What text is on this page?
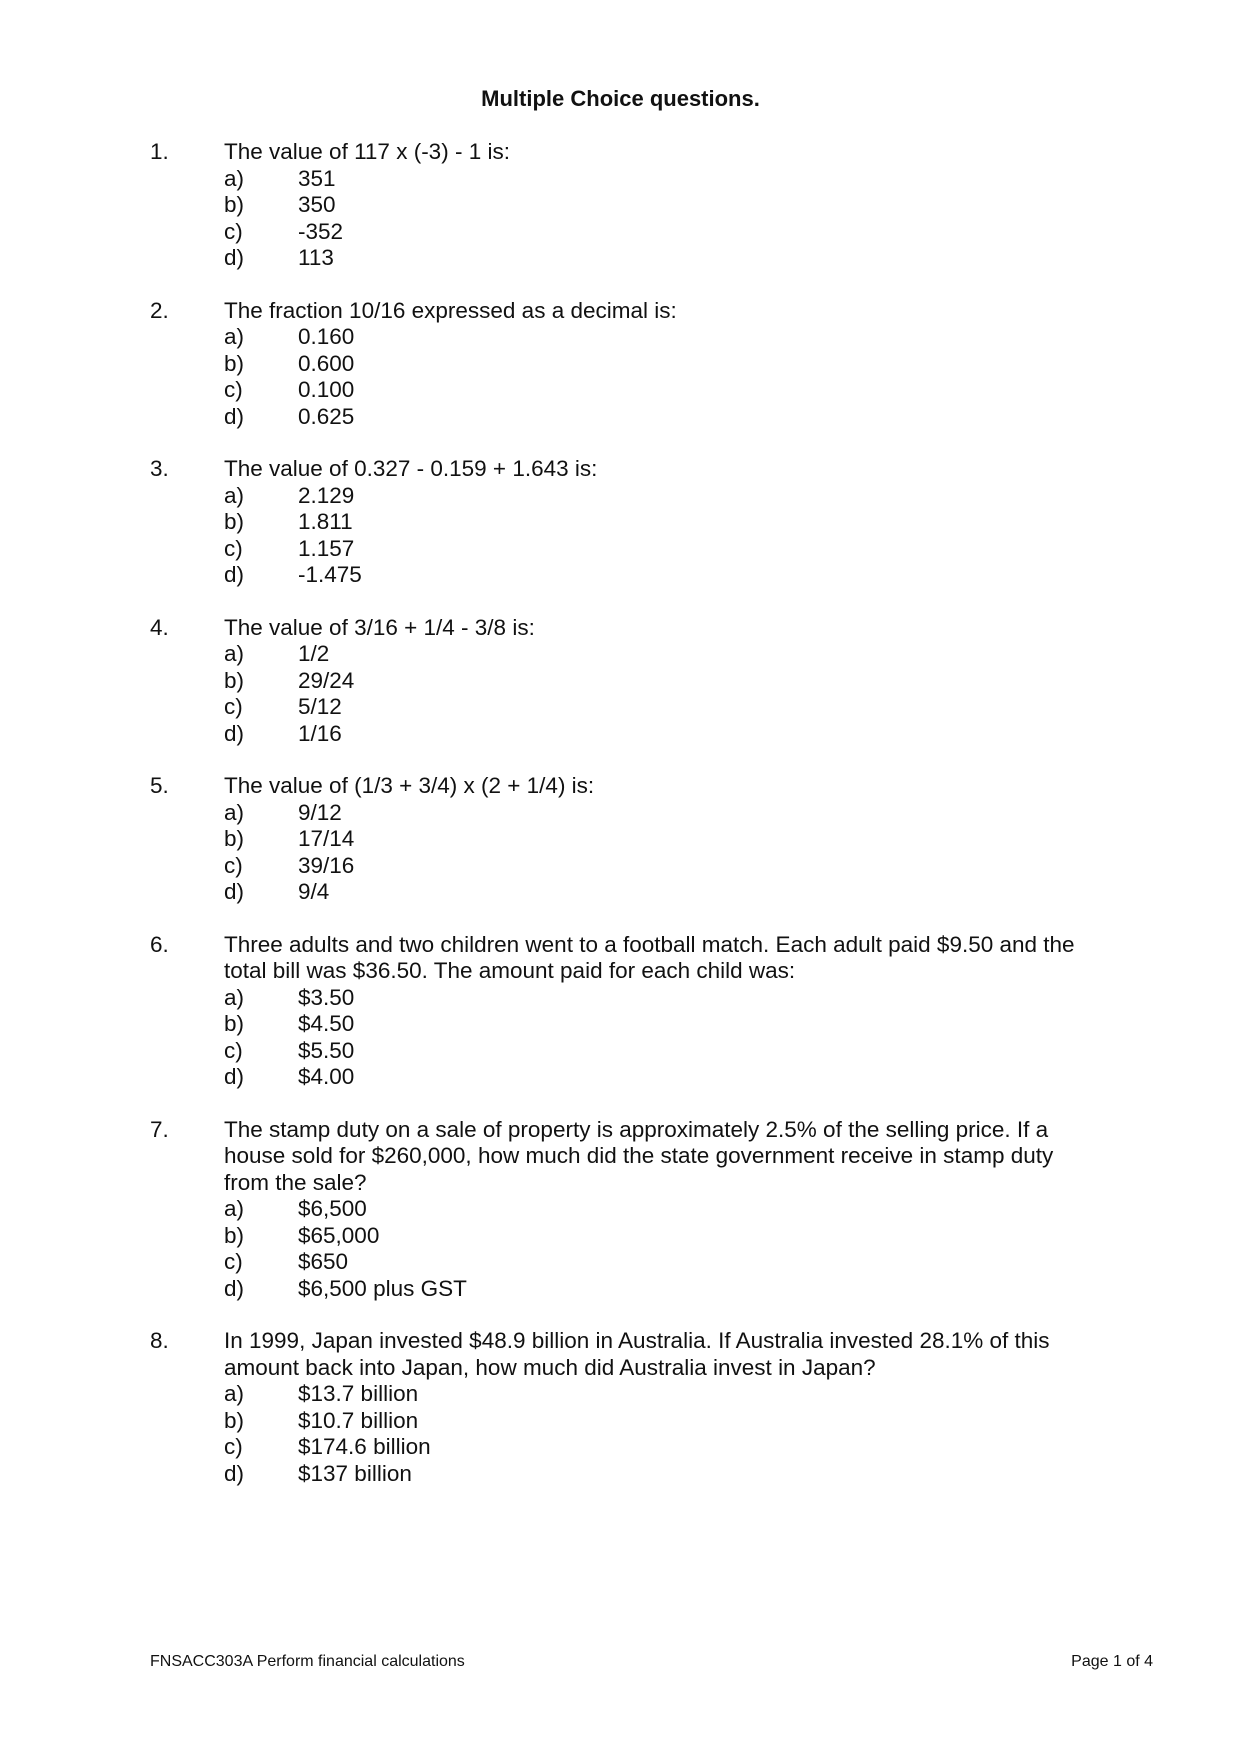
Multiple Choice questions.
1.	The value of 117 x (-3) - 1 is:
a)	351
b)	350
c)	-352
d)	113
2.	The fraction 10/16 expressed as a decimal is:
a)	0.160
b)	0.600
c)	0.100
d)	0.625
3.	The value of 0.327 - 0.159 + 1.643 is:
a)	2.129
b)	1.811
c)	1.157
d)	-1.475
4.	The value of 3/16 + 1/4 - 3/8 is:
a)	1/2
b)	29/24
c)	5/12
d)	1/16
5.	The value of (1/3 + 3/4) x (2 + 1/4) is:
a)	9/12
b)	17/14
c)	39/16
d)	9/4
6.	Three adults and two children went to a football match. Each adult paid $9.50 and the total bill was $36.50. The amount paid for each child was:
a)	$3.50
b)	$4.50
c)	$5.50
d)	$4.00
7.	The stamp duty on a sale of property is approximately 2.5% of the selling price. If a house sold for $260,000, how much did the state government receive in stamp duty from the sale?
a)	$6,500
b)	$65,000
c)	$650
d)	$6,500 plus GST
8.	In 1999, Japan invested $48.9 billion in Australia. If Australia invested 28.1% of this amount back into Japan, how much did Australia invest in Japan?
a)	$13.7 billion
b)	$10.7 billion
c)	$174.6 billion
d)	$137 billion
FNSACC303A Perform financial calculations	Page 1 of 4
